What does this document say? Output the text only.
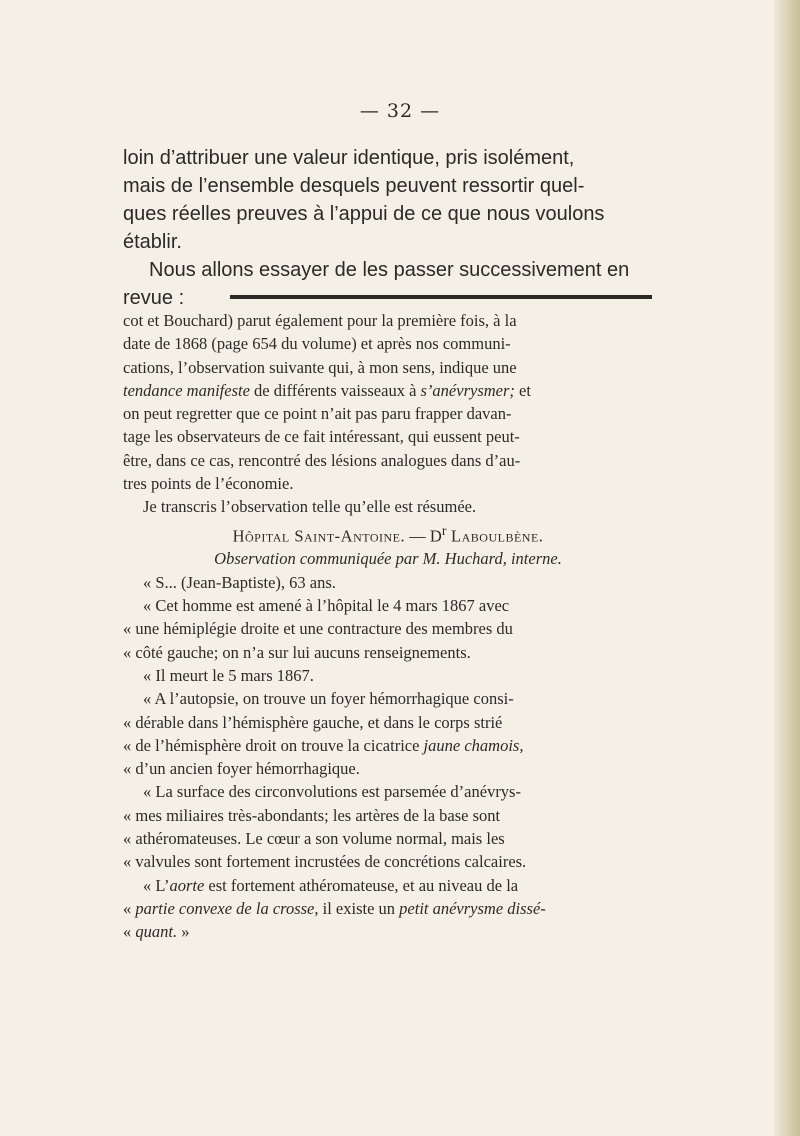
— 32 —

loin d’attribuer une valeur identique, pris isolément,

mais de l’ensemble desquels peuvent ressortir quel-

ques réelles preuves à l’appui de ce que nous voulons

établir.

Nous allons essayer de les passer successivement en

revue :

cot et Bouchard) parut également pour la première fois, à la

date de 1868 (page 654 du volume) et après nos communi-

cations, l’observation suivante qui, à mon sens, indique une

tendance manifeste de différents vaisseaux à s’anévrysmer; et

on peut regretter que ce point n’ait pas paru frapper davan-

tage les observateurs de ce fait intéressant, qui eussent peut-

être, dans ce cas, rencontré des lésions analogues dans d’au-

tres points de l’économie.

Je transcris l’observation telle qu’elle est résumée.

Hôpital Saint-Antoine. — $D^r$ Laboulbène.

Observation communiquée par M. Huchard, interne.

« S... (Jean-Baptiste), 63 ans.

« Cet homme est amené à l’hôpital le 4 mars 1867 avec

« une hémiplégie droite et une contracture des membres du

« côté gauche; on n’a sur lui aucuns renseignements.

« Il meurt le 5 mars 1867.

« A l’autopsie, on trouve un foyer hémorrhagique consi-

« dérable dans l’hémisphère gauche, et dans le corps strié

« de l’hémisphère droit on trouve la cicatrice jaune chamois,

« d’un ancien foyer hémorrhagique.

« La surface des circonvolutions est parsemée d’anévrys-

« mes miliaires très-abondants; les artères de la base sont

« athéromateuses. Le cœur a son volume normal, mais les

« valvules sont fortement incrustées de concrétions calcaires.

« L’aorte est fortement athéromateuse, et au niveau de la

« partie convexe de la crosse, il existe un petit anévrysme dissé-

« quant. »
